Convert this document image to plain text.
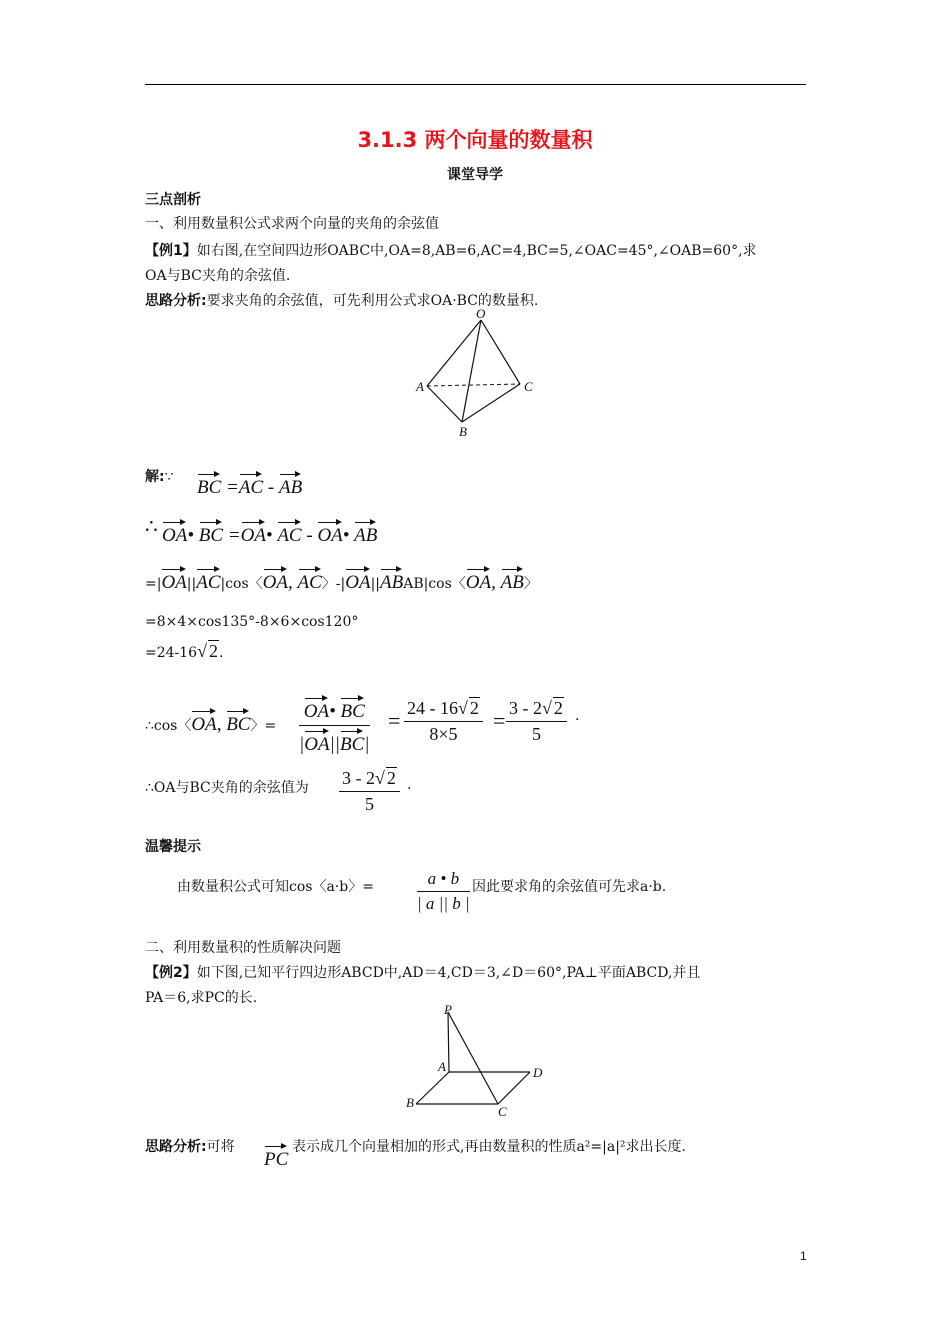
3.1.3 两个向量的数量积
课堂导学
三点剖析
一、利用数量积公式求两个向量的夹角的余弦值
【例1】如右图,在空间四边形OABC中,OA=8,AB=6,AC=4,BC=5,∠OAC=45°,∠OAB=60°,求
OA与BC夹角的余弦值.
思路分析:要求夹角的余弦值，可先利用公式求OA·BC的数量积.
O
A	C
B
解:∵ BC =AC - AB
∴ OA• BC =OA• AC - OA• AB
=|OA||AC|cos〈OA, AC〉-|OA||ABAB|cos〈OA, AB〉
=8×4×cos135°-8×6×cos120°
=24-16√ 2.
∴cos〈OA, BC〉= $\frac{OA• BC}{|OA||BC|} = \frac{24 - 16√ 2}{8\times 5} = \frac{3 - 2√ 2}{5}$ .
∴OA与BC夹角的余弦值为 $\frac{3 - 2√ 2}{5}$ .
温馨提示
由数量积公式可知cos〈a·b〉=	$\frac{a • b}{| a || b |}$ 因此要求角的余弦值可先求a·b.
二、利用数量积的性质解决问题
【例2】如下图,已知平行四边形ABCD中,AD＝4,CD＝3,∠D＝60°,PA⊥平面ABCD,并且
PA＝6,求PC的长.
P
A	D
B
C
思路分析:可将
PC
表示成几个向量相加的形式,再由数量积的性质a²=|a|²求出长度.
1
